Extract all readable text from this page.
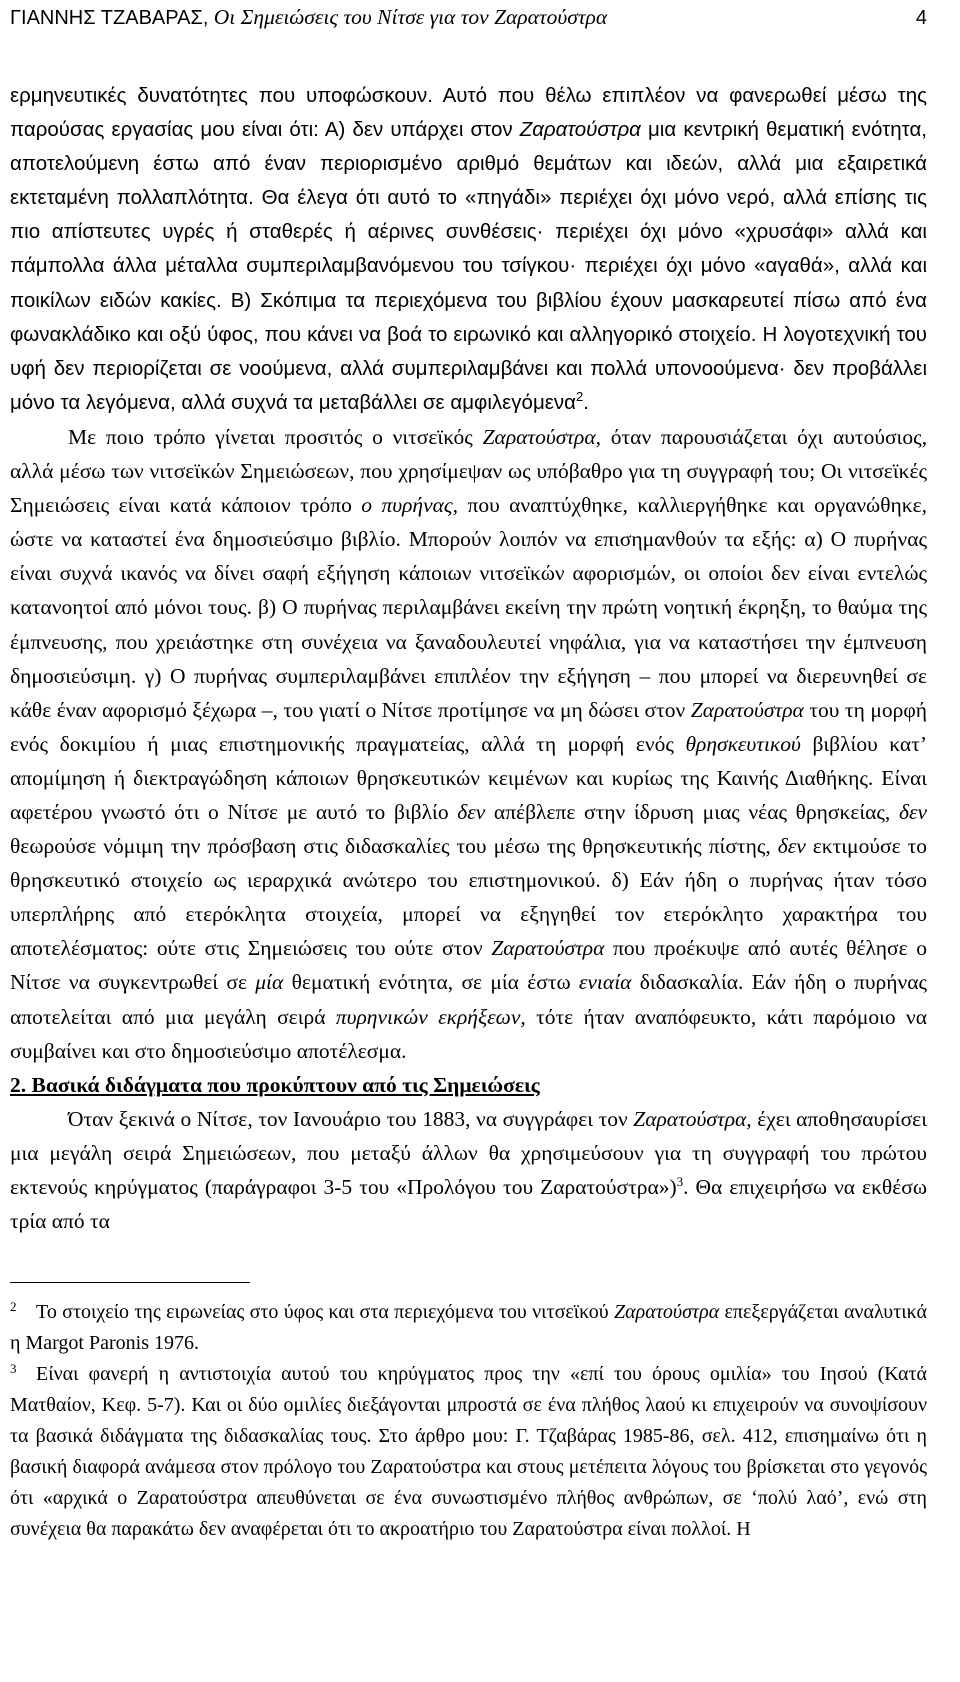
ΓΙΑΝΝΗΣ ΤΖΑΒΑΡΑΣ, Οι Σημειώσεις του Νίτσε για τον Ζαρατούστρα	4

ερμηνευτικές δυνατότητες που υποφώσκουν. Αυτό που θέλω επιπλέον να φανερωθεί μέσω της παρούσας εργασίας μου είναι ότι: Α) δεν υπάρχει στον Ζαρατούστρα μια κεντρική θεματική ενότητα, αποτελούμενη έστω από έναν περιορισμένο αριθμό θεμάτων και ιδεών, αλλά μια εξαιρετικά εκτεταμένη πολλαπλότητα. Θα έλεγα ότι αυτό το «πηγάδι» περιέχει όχι μόνο νερό, αλλά επίσης τις πιο απίστευτες υγρές ή σταθερές ή αέρινες συνθέσεις· περιέχει όχι μόνο «χρυσάφι» αλλά και πάμπολλα άλλα μέταλλα συμπεριλαμβανόμενου του τσίγκου· περιέχει όχι μόνο «αγαθά», αλλά και ποικίλων ειδών κακίες. Β) Σκόπιμα τα περιεχόμενα του βιβλίου έχουν μασκαρευτεί πίσω από ένα φωνακλάδικο και οξύ ύφος, που κάνει να βοά το ειρωνικό και αλληγορικό στοιχείο. Η λογοτεχνική του υφή δεν περιορίζεται σε νοούμενα, αλλά συμπεριλαμβάνει και πολλά υπονοούμενα· δεν προβάλλει μόνο τα λεγόμενα, αλλά συχνά τα μεταβάλλει σε αμφιλεγόμενα$^2$.

Με ποιο τρόπο γίνεται προσιτός ο νιτσεϊκός Ζαρατούστρα, όταν παρουσιάζεται όχι αυτούσιος, αλλά μέσω των νιτσεϊκών Σημειώσεων, που χρησίμεψαν ως υπόβαθρο για τη συγγραφή του; Οι νιτσεϊκές Σημειώσεις είναι κατά κάποιον τρόπο ο πυρήνας, που αναπτύχθηκε, καλλιεργήθηκε και οργανώθηκε, ώστε να καταστεί ένα δημοσιεύσιμο βιβλίο. Μπορούν λοιπόν να επισημανθούν τα εξής: α) Ο πυρήνας είναι συχνά ικανός να δίνει σαφή εξήγηση κάποιων νιτσεϊκών αφορισμών, οι οποίοι δεν είναι εντελώς κατανοητοί από μόνοι τους. β) Ο πυρήνας περιλαμβάνει εκείνη την πρώτη νοητική έκρηξη, το θαύμα της έμπνευσης, που χρειάστηκε στη συνέχεια να ξαναδουλευτεί νηφάλια, για να καταστήσει την έμπνευση δημοσιεύσιμη. γ) Ο πυρήνας συμπεριλαμβάνει επιπλέον την εξήγηση – που μπορεί να διερευνηθεί σε κάθε έναν αφορισμό ξέχωρα –, του γιατί ο Νίτσε προτίμησε να μη δώσει στον Ζαρατούστρα του τη μορφή ενός δοκιμίου ή μιας επιστημονικής πραγματείας, αλλά τη μορφή ενός θρησκευτικού βιβλίου κατ’ απομίμηση ή διεκτραγώδηση κάποιων θρησκευτικών κειμένων και κυρίως της Καινής Διαθήκης. Είναι αφετέρου γνωστό ότι ο Νίτσε με αυτό το βιβλίο δεν απέβλεπε στην ίδρυση μιας νέας θρησκείας, δεν θεωρούσε νόμιμη την πρόσβαση στις διδασκαλίες του μέσω της θρησκευτικής πίστης, δεν εκτιμούσε το θρησκευτικό στοιχείο ως ιεραρχικά ανώτερο του επιστημονικού. δ) Εάν ήδη ο πυρήνας ήταν τόσο υπερπλήρης από ετερόκλητα στοιχεία, μπορεί να εξηγηθεί τον ετερόκλητο χαρακτήρα του αποτελέσματος: ούτε στις Σημειώσεις του ούτε στον Ζαρατούστρα που προέκυψε από αυτές θέλησε ο Νίτσε να συγκεντρωθεί σε μία θεματική ενότητα, σε μία έστω ενιαία διδασκαλία. Εάν ήδη ο πυρήνας αποτελείται από μια μεγάλη σειρά πυρηνικών εκρήξεων, τότε ήταν αναπόφευκτο, κάτι παρόμοιο να συμβαίνει και στο δημοσιεύσιμο αποτέλεσμα.

2. Βασικά διδάγματα που προκύπτουν από τις Σημειώσεις

Όταν ξεκινά ο Νίτσε, τον Ιανουάριο του 1883, να συγγράφει τον Ζαρατούστρα, έχει αποθησαυρίσει μια μεγάλη σειρά Σημειώσεων, που μεταξύ άλλων θα χρησιμεύσουν για τη συγγραφή του πρώτου εκτενούς κηρύγματος (παράγραφοι 3-5 του «Προλόγου του Ζαρατούστρα»)$^3$. Θα επιχειρήσω να εκθέσω τρία από τα

2 Το στοιχείο της ειρωνείας στο ύφος και στα περιεχόμενα του νιτσεϊκού Ζαρατούστρα επεξεργάζεται αναλυτικά η Margot Paronis 1976.

3 Είναι φανερή η αντιστοιχία αυτού του κηρύγματος προς την «επί του όρους ομιλία» του Ιησού (Κατά Ματθαίον, Κεφ. 5-7). Και οι δύο ομιλίες διεξάγονται μπροστά σε ένα πλήθος λαού κι επιχειρούν να συνοψίσουν τα βασικά διδάγματα της διδασκαλίας τους. Στο άρθρο μου: Γ. Τζαβάρας 1985-86, σελ. 412, επισημαίνω ότι η βασική διαφορά ανάμεσα στον πρόλογο του Ζαρατούστρα και στους μετέπειτα λόγους του βρίσκεται στο γεγονός ότι «αρχικά ο Ζαρατούστρα απευθύνεται σε ένα συνωστισμένο πλήθος ανθρώπων, σε ‘πολύ λαό’, ενώ στη συνέχεια θα παρακάτω δεν αναφέρεται ότι το ακροατήριο του Ζαρατούστρα είναι πολλοί. Η
